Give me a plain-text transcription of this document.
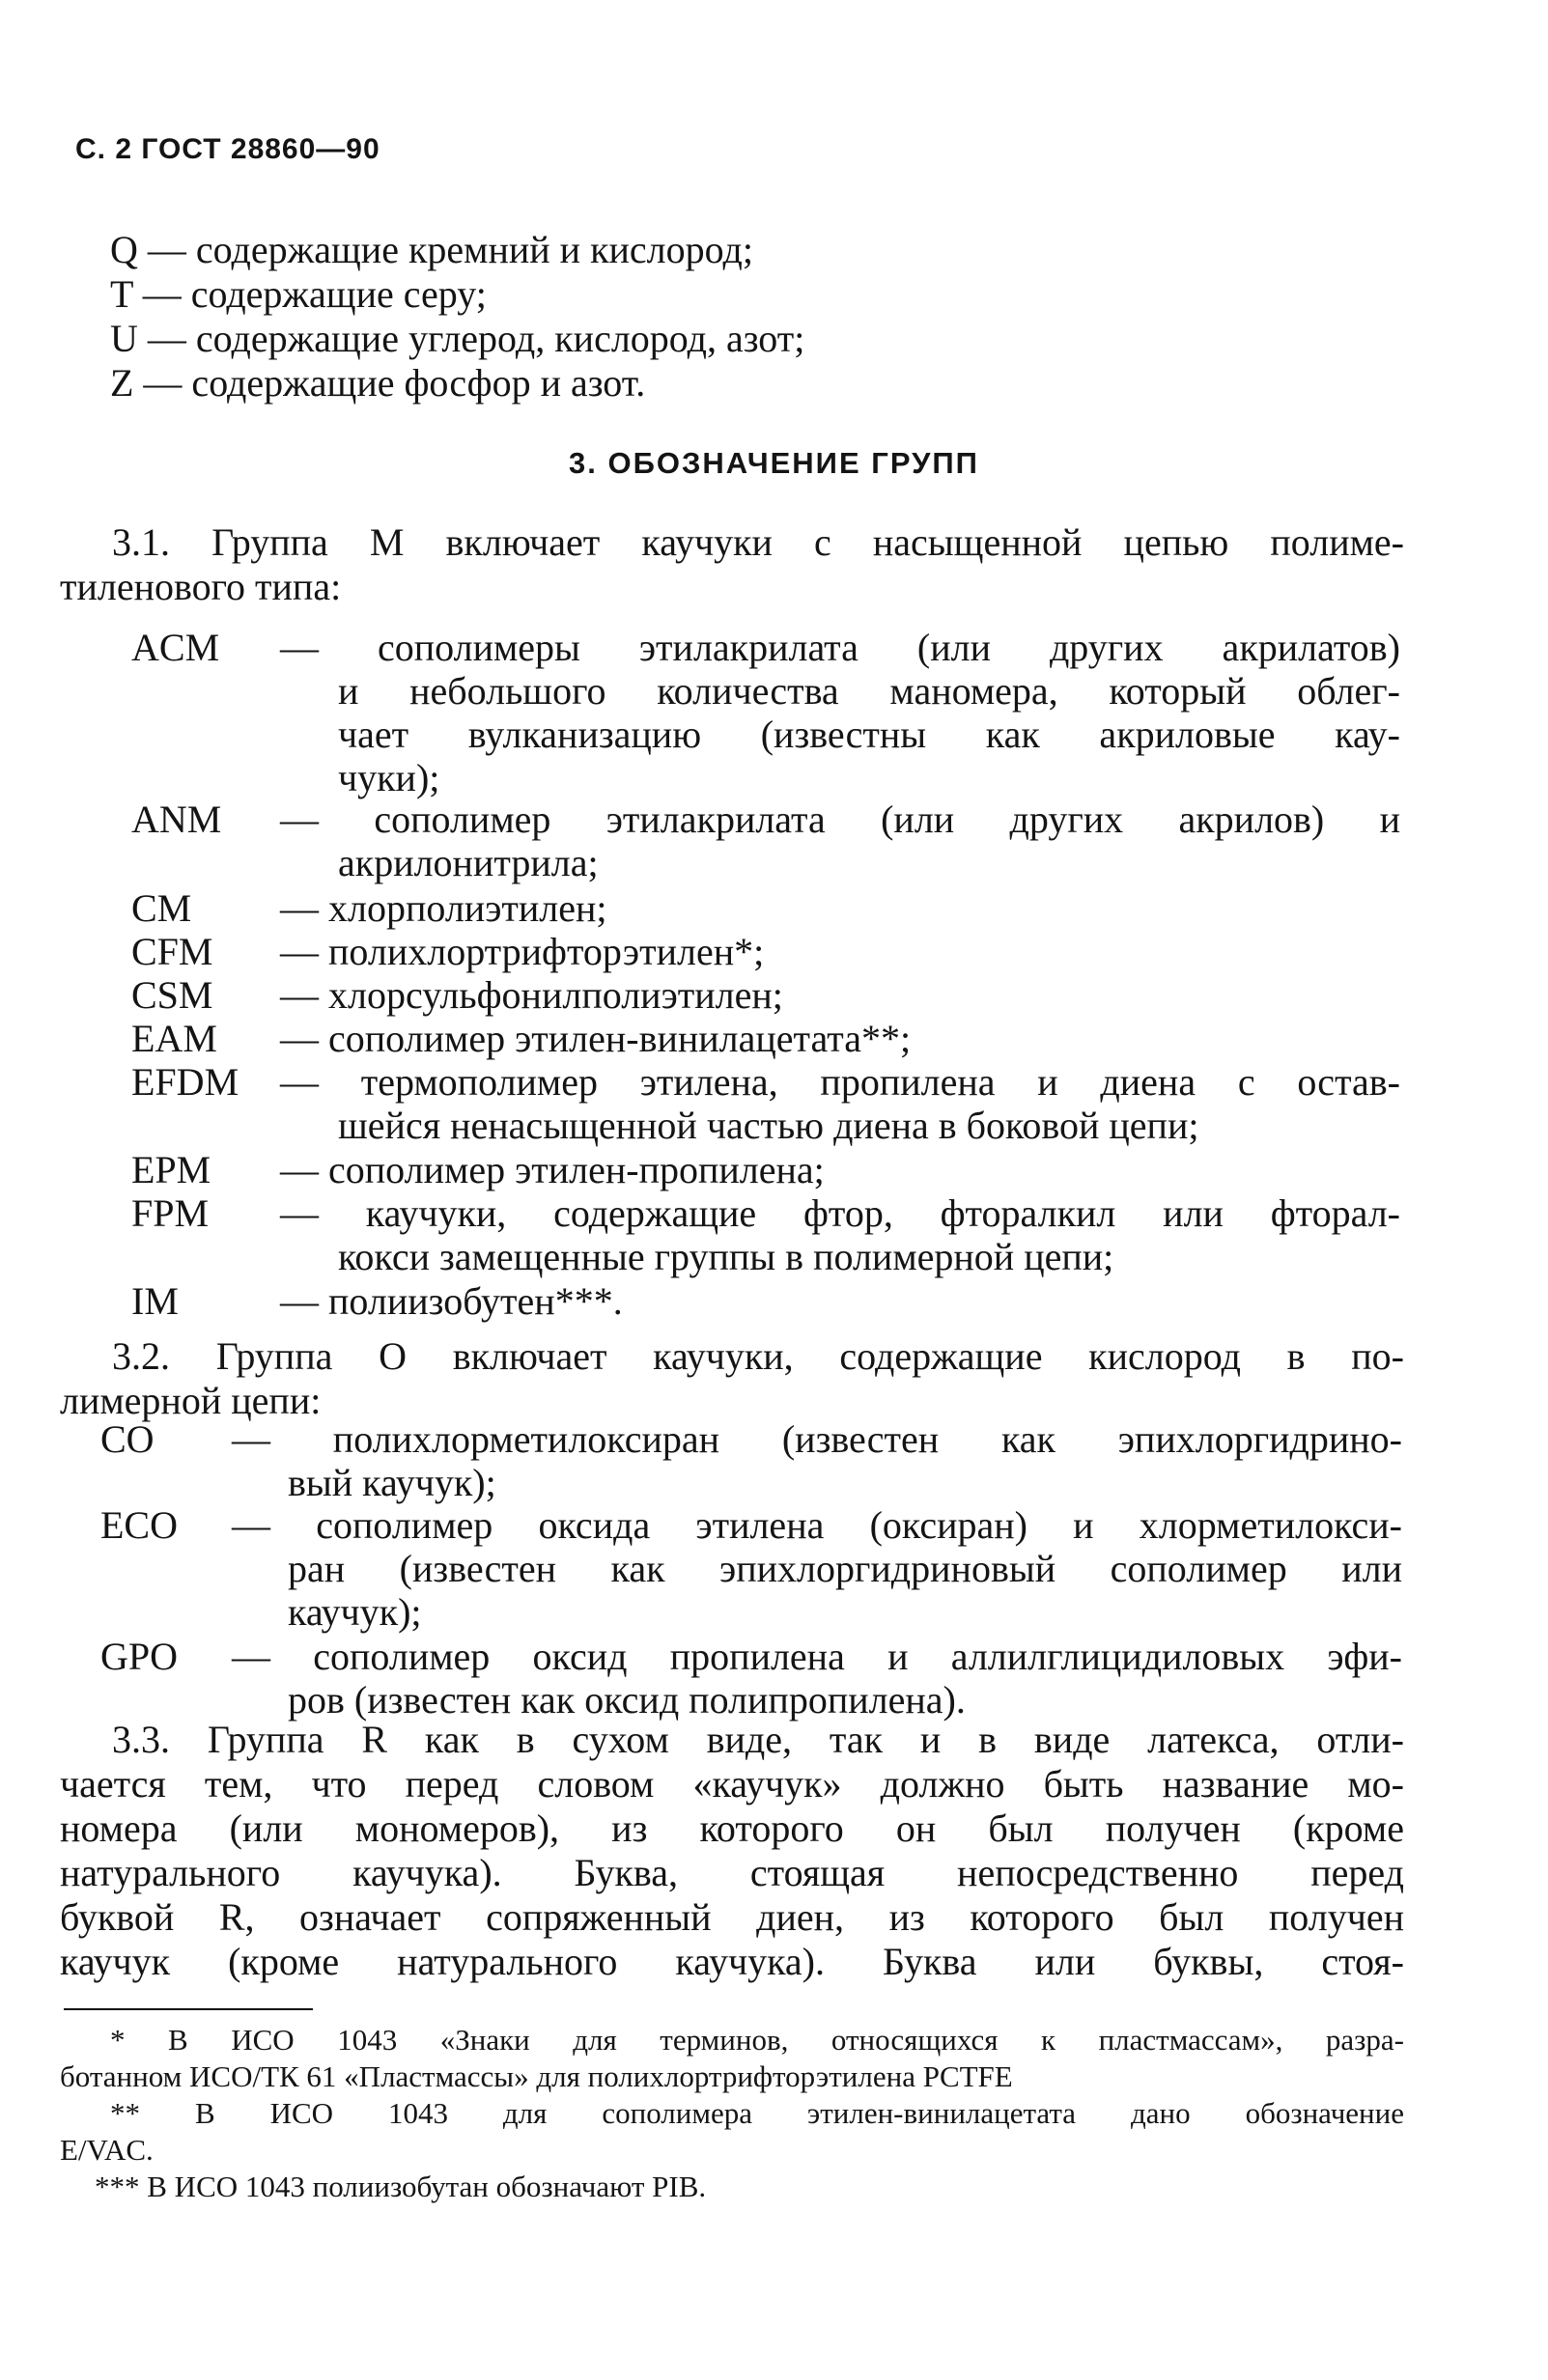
С. 2 ГОСТ 28860—90
Q — содержащие кремний и кислород;
T — содержащие серу;
U — содержащие углерод, кислород, азот;
Z — содержащие фосфор и азот.
3. ОБОЗНАЧЕНИЕ ГРУПП
3.1. Группа М включает каучуки с насыщенной цепью полиме-
тиленового типа:
ACM — сополимеры этилакрилата (или других акрилатов)
и небольшого количества маномера, который облег-
чает вулканизацию (известны как акриловые кау-
чуки);
ANM — сополимер этилакрилата (или других акрилов) и
акрилонитрила;
CM — хлорполиэтилен;
CFM — полихлортрифторэтилен*;
CSM — хлорсульфонилполиэтилен;
EAM — сополимер этилен-винилацетата**;
EFDM — термополимер этилена, пропилена и диена с остав-
шейся ненасыщенной частью диена в боковой цепи;
EPM — сополимер этилен-пропилена;
FPM — каучуки, содержащие фтор, фторалкил или фторал-
кокси замещенные группы в полимерной цепи;
IM	— полиизобутен***.
3.2. Группа О включает каучуки, содержащие кислород в по-
лимерной цепи:
CO — полихлорметилоксиран (известен как эпихлоргидрино-
вый каучук);
ECO — сополимер оксида этилена (оксиран) и хлорметилокси-
ран (известен как эпихлоргидриновый сополимер или
каучук);
GPO — сополимер оксид пропилена и аллилглицидиловых эфи-
ров (известен как оксид полипропилена).
3.3. Группа R как в сухом виде, так и в виде латекса, отли-
чается тем, что перед словом «каучук» должно быть название мо-
номера (или мономеров), из которого он был получен (кроме
натурального каучука). Буква, стоящая непосредственно перед
буквой R, означает сопряженный диен, из которого был получен
каучук (кроме натурального каучука). Буква или буквы, стоя-
* В ИСО 1043 «Знаки для терминов, относящихся к пластмассам», разра-
ботанном ИСО/ТК 61 «Пластмассы» для полихлортрифторэтилена PCTFE
** В ИСО 1043 для сополимера этилен-винилацетата дано обозначение
E/VAC.
*** В ИСО 1043 полиизобутан обозначают PIB.
